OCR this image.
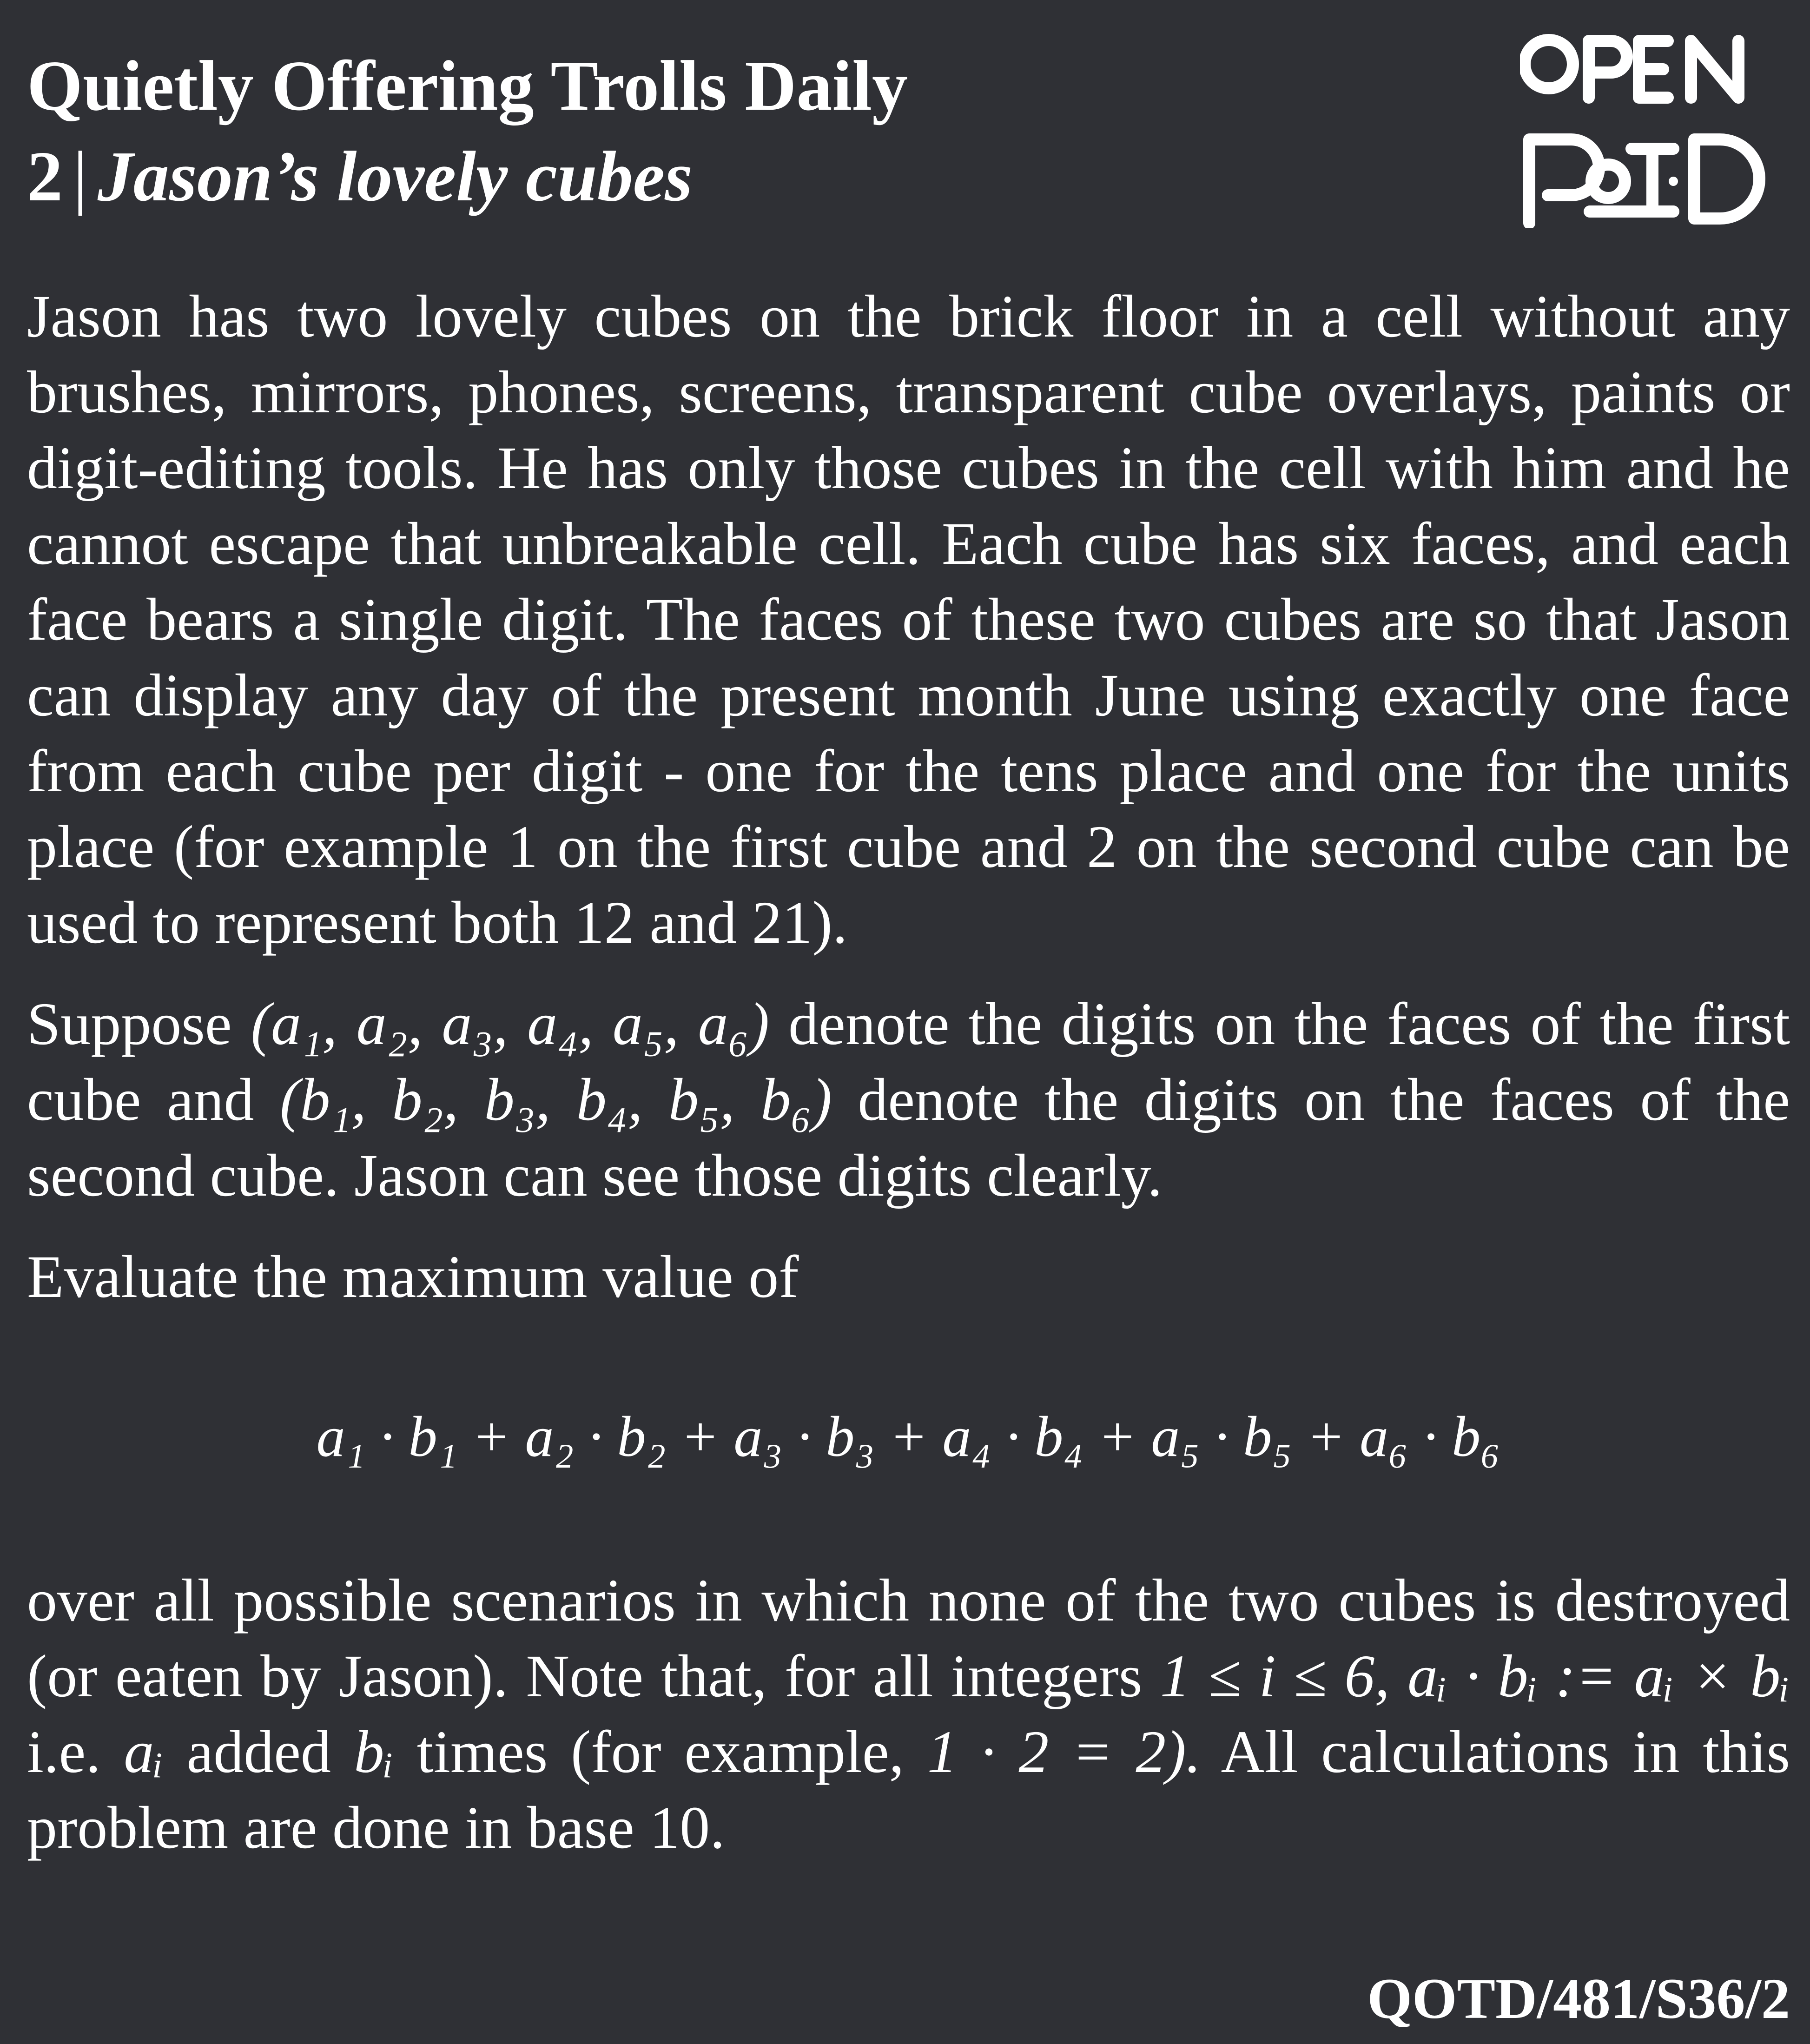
Quietly Offering Trolls Daily
2 | Jason’s lovely cubes

Jason has two lovely cubes on the brick floor in a cell without any brushes, mirrors, phones, screens, transparent cube overlays, paints or digit-editing tools. He has only those cubes in the cell with him and he cannot escape that unbreakable cell. Each cube has six faces, and each face bears a single digit. The faces of these two cubes are so that Jason can display any day of the present month June using exactly one face from each cube per digit - one for the tens place and one for the units place (for example 1 on the first cube and 2 on the second cube can be used to represent both 12 and 21).

Suppose (a₁, a₂, a₃, a₄, a₅, a₆) denote the digits on the faces of the first cube and (b₁, b₂, b₃, b₄, b₅, b₆) denote the digits on the faces of the second cube. Jason can see those digits clearly.

Evaluate the maximum value of

a₁ · b₁ + a₂ · b₂ + a₃ · b₃ + a₄ · b₄ + a₅ · b₅ + a₆ · b₆

over all possible scenarios in which none of the two cubes is destroyed (or eaten by Jason). Note that, for all integers 1 ≤ i ≤ 6, aᵢ · bᵢ := aᵢ × bᵢ i.e. aᵢ added bᵢ times (for example, 1 · 2 = 2). All calculations in this problem are done in base 10.

QOTD/481/S36/2
